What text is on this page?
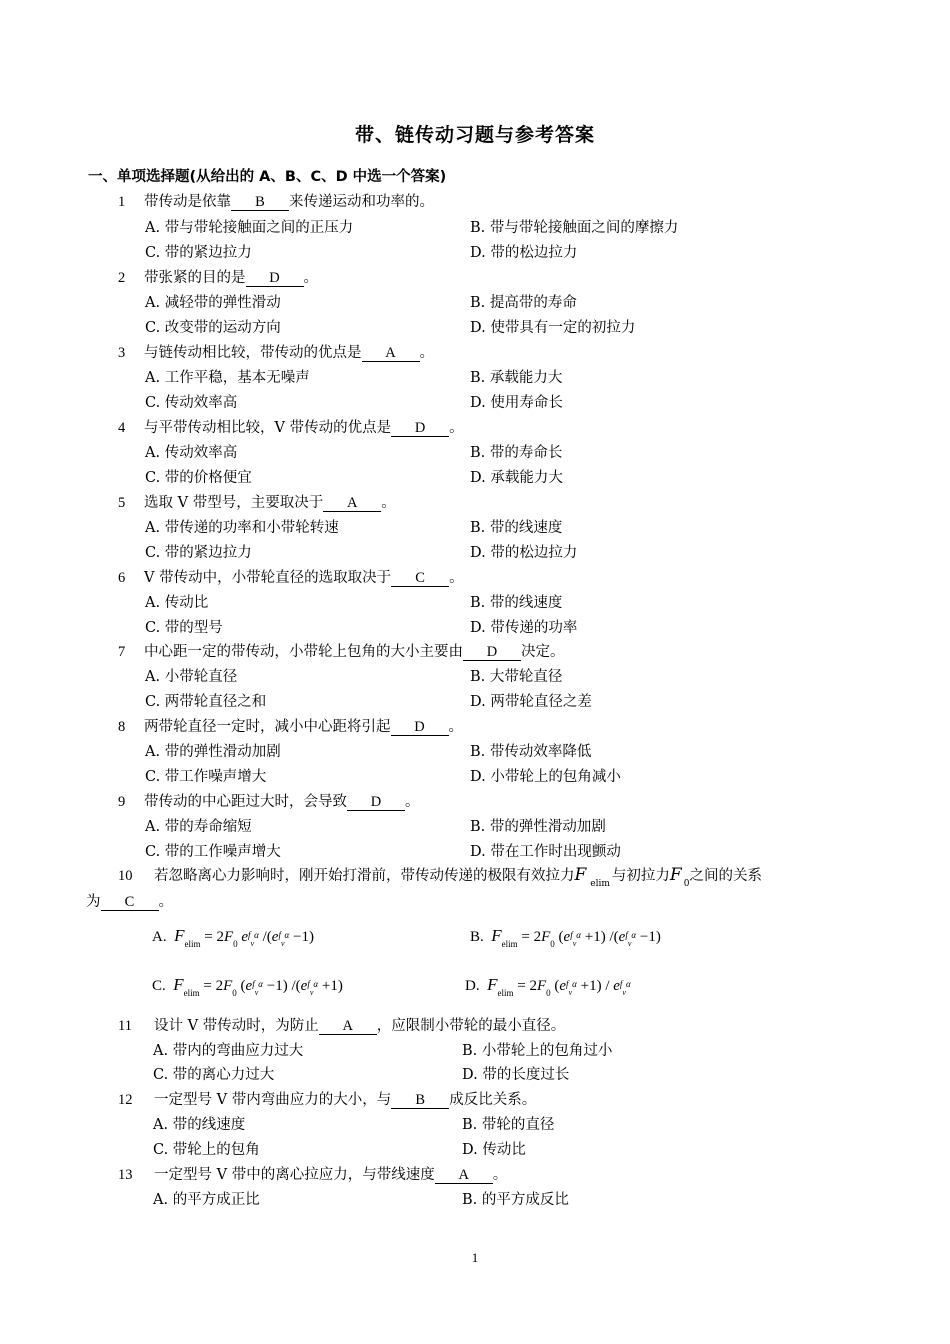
带、链传动习题与参考答案
一、单项选择题(从给出的 A、B、C、D 中选一个答案)
1 带传动是依靠 B 来传递运动和功率的。
A. 带与带轮接触面之间的正压力	B. 带与带轮接触面之间的摩擦力
C. 带的紧边拉力	D. 带的松边拉力
2 带张紧的目的是 D 。
A. 减轻带的弹性滑动	B. 提高带的寿命
C. 改变带的运动方向	D. 使带具有一定的初拉力
3 与链传动相比较，带传动的优点是 A 。
A. 工作平稳，基本无噪声	B. 承载能力大
C. 传动效率高	D. 使用寿命长
4 与平带传动相比较，V 带传动的优点是 D 。
A. 传动效率高	B. 带的寿命长
C. 带的价格便宜	D. 承载能力大
5 选取 V 带型号，主要取决于 A 。
A. 带传递的功率和小带轮转速	B. 带的线速度
C. 带的紧边拉力	D. 带的松边拉力
6 V 带传动中，小带轮直径的选取取决于 C 。
A. 传动比	B. 带的线速度
C. 带的型号	D. 带传递的功率
7 中心距一定的带传动，小带轮上包角的大小主要由 D 决定。
A. 小带轮直径	B. 大带轮直径
C. 两带轮直径之和	D. 两带轮直径之差
8 两带轮直径一定时，减小中心距将引起 D 。
A. 带的弹性滑动加剧	B. 带传动效率降低
C. 带工作噪声增大	D. 小带轮上的包角减小
9 带传动的中心距过大时，会导致 D 。
A. 带的寿命缩短	B. 带的弹性滑动加剧
C. 带的工作噪声增大	D. 带在工作时出现颤动
10 若忽略离心力影响时，刚开始打滑前，带传动传递的极限有效拉力F $_{elim}$ 与初拉力F $_0$之间的关系
为 C 。
A. $F_{elim} = 2F_0$ $e^f_v^\alpha$ $/(e^f_v^\alpha -1)$	B. $F_{elim} = 2F_0$ $(e^f_v^\alpha +1)$ $/(e^f_v^\alpha -1)$
C. $F_{elim} = 2F_0$ $(e^f_v^\alpha -1)$ $/(e^f_v^\alpha +1)$	D. $F_{elim} = 2F_0$ $(e^f_v^\alpha +1) / e^f_v^\alpha$
11 设计 V 带传动时，为防止 A ，应限制小带轮的最小直径。
A. 带内的弯曲应力过大	B. 小带轮上的包角过小
C. 带的离心力过大	D. 带的长度过长
12 一定型号 V 带内弯曲应力的大小，与 B 成反比关系。
A. 带的线速度	B. 带轮的直径
C. 带轮上的包角	D. 传动比
13 一定型号 V 带中的离心拉应力，与带线速度 A 。
A. 的平方成正比	B. 的平方成反比
1
